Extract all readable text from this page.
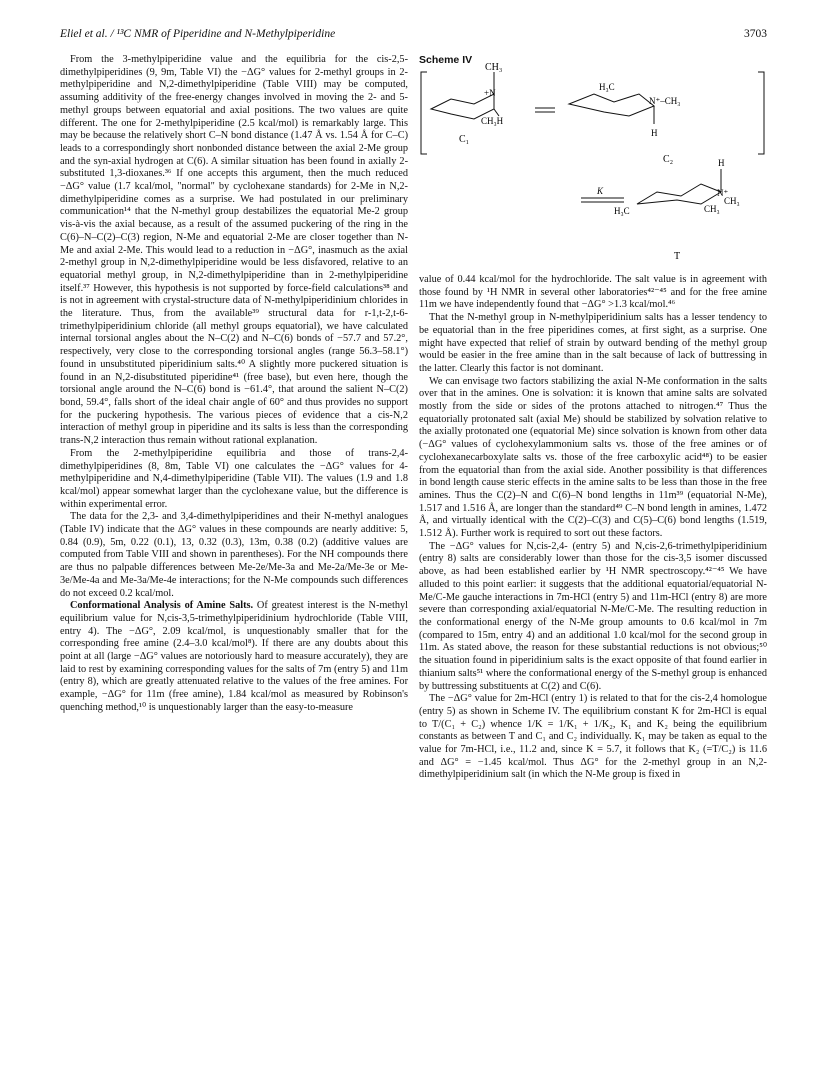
Eliel et al. / ¹³C NMR of Piperidine and N-Methylpiperidine	3703

From the 3-methylpiperidine value and the equilibria for the cis-2,5-dimethylpiperidines (9, 9m, Table VI) the −ΔG° values for 2-methyl groups in 2-methylpiperidine and N,2-dimethylpiperidine (Table VIII) may be computed, assuming additivity of the free-energy changes involved in moving the 2- and 5-methyl groups between equatorial and axial positions. The two values are quite different. The one for 2-methylpiperidine (2.5 kcal/mol) is remarkably large. This may be because the relatively short C–N bond distance (1.47 Å vs. 1.54 Å for C–C) leads to a correspondingly short nonbonded distance between the axial 2-Me group and the syn-axial hydrogen at C(6). A similar situation has been found in axially 2-substituted 1,3-dioxanes.³⁶ If one accepts this argument, then the much reduced −ΔG° value (1.7 kcal/mol, "normal" by cyclohexane standards) for 2-Me in N,2-dimethylpiperidine comes as a surprise. We had postulated in our preliminary communication¹⁴ that the N-methyl group destabilizes the equatorial Me-2 group vis-à-vis the axial because, as a result of the assumed puckering of the ring in the C(6)–N–C(2)–C(3) region, N-Me and equatorial 2-Me are closer together than N-Me and axial 2-Me. This would lead to a reduction in −ΔG°, inasmuch as the axial 2-methyl group in N,2-dimethylpiperidine would be less disfavored, relative to an equatorial methyl group, in N,2-dimethylpiperidine than in 2-methylpiperidine itself.³⁷ However, this hypothesis is not supported by force-field calculations³⁸ and is not in agreement with crystal-structure data of N-methylpiperidinium chlorides in the literature. Thus, from the available³⁹ structural data for r-1,t-2,t-6-trimethylpiperidinium chloride (all methyl groups equatorial), we have calculated internal torsional angles about the N–C(2) and N–C(6) bonds of −57.7 and 57.2°, respectively, very close to the corresponding torsional angles (range 56.3–58.1°) found in unsubstituted piperidinium salts.⁴⁰ A slightly more puckered situation is found in an N,2-disubstituted piperidine⁴¹ (free base), but even here, though the torsional angle around the N–C(6) bond is −61.4°, that around the salient N–C(2) bond, 59.4°, falls short of the ideal chair angle of 60° and thus provides no support for the puckering hypothesis. The various pieces of evidence that a cis-N,2 interaction of methyl group in piperidine and its salts is less than the corresponding trans-N,2 interaction thus remain without rational explanation.

From the 2-methylpiperidine equilibria and those of trans-2,4-dimethylpiperidines (8, 8m, Table VI) one calculates the −ΔG° values for 4-methylpiperidine and N,4-dimethylpiperidine (Table VII). The values (1.9 and 1.8 kcal/mol) appear somewhat larger than the cyclohexane value, but the difference is within experimental error.

The data for the 2,3- and 3,4-dimethylpiperidines and their N-methyl analogues (Table IV) indicate that the ΔG° values in these compounds are nearly additive: 5, 0.84 (0.9), 5m, 0.22 (0.1), 13, 0.32 (0.3), 13m, 0.38 (0.2) (additive values are computed from Table VIII and shown in parentheses). For the NH compounds there are thus no palpable differences between Me-2e/Me-3a and Me-2a/Me-3e or Me-3e/Me-4a and Me-3a/Me-4e interactions; for the N-Me compounds such differences do not exceed 0.2 kcal/mol.

Conformational Analysis of Amine Salts. Of greatest interest is the N-methyl equilibrium value for N,cis-3,5-trimethylpiperidinium hydrochloride (Table VIII, entry 4). The −ΔG°, 2.09 kcal/mol, is unquestionably smaller that for the corresponding free amine (2.4–3.0 kcal/mol⁸). If there are any doubts about this point at all (large −ΔG° values are notoriously hard to measure accurately), they are laid to rest by examining corresponding values for the salts of 7m (entry 5) and 11m (entry 8), which are greatly attenuated relative to the values of the free amines. For example, −ΔG° for 11m (free amine), 1.84 kcal/mol as measured by Robinson's quenching method,¹⁰ is unquestionably larger than the easy-to-measure

Scheme IV
CH₃
+N
CH₃H
C₁
H₃C
N⁺–CH₃
H
C₂	H
N⁺
H₃C
CH₃
CH₃
K
T

value of 0.44 kcal/mol for the hydrochloride. The salt value is in agreement with those found by ¹H NMR in several other laboratories⁴²⁻⁴⁵ and for the free amine 11m we have independently found that −ΔG° >1.3 kcal/mol.⁴⁶

That the N-methyl group in N-methylpiperidinium salts has a lesser tendency to be equatorial than in the free piperidines comes, at first sight, as a surprise. One might have expected that relief of strain by outward bending of the methyl group would be easier in the free amine than in the salt because of lack of buttressing in the latter. Clearly this factor is not dominant.

We can envisage two factors stabilizing the axial N-Me conformation in the salts over that in the amines. One is solvation: it is known that amine salts are solvated mostly from the side or sides of the protons attached to nitrogen.⁴⁷ Thus the equatorially protonated salt (axial Me) should be stabilized by solvation relative to the axially protonated one (equatorial Me) since solvation is known from other data (−ΔG° values of cyclohexylammonium salts vs. those of the free amines or of cyclohexanecarboxylate salts vs. those of the free carboxylic acid⁴⁸) to be easier from the equatorial than from the axial side. Another possibility is that differences in bond length cause steric effects in the amine salts to be less than those in the free amines. Thus the C(2)–N and C(6)–N bond lengths in 11m³⁹ (equatorial N-Me), 1.517 and 1.516 Å, are longer than the standard⁴⁹ C–N bond length in amines, 1.472 Å, and virtually identical with the C(2)–C(3) and C(5)–C(6) bond lengths (1.519, 1.512 Å). Further work is required to sort out these factors.

The −ΔG° values for N,cis-2,4- (entry 5) and N,cis-2,6-trimethylpiperidinium (entry 8) salts are considerably lower than those for the cis-3,5 isomer discussed above, as had been established earlier by ¹H NMR spectroscopy.⁴²⁻⁴⁵ We have alluded to this point earlier: it suggests that the additional equatorial/equatorial N-Me/C-Me gauche interactions in 7m-HCl (entry 5) and 11m-HCl (entry 8) are more severe than corresponding axial/equatorial N-Me/C-Me. The resulting reduction in the conformational energy of the N-Me group amounts to 0.6 kcal/mol in 7m (compared to 15m, entry 4) and an additional 1.0 kcal/mol for the second group in 11m. As stated above, the reason for these substantial reductions is not obvious;⁵⁰ the situation found in piperidinium salts is the exact opposite of that found earlier in thianium salts⁵¹ where the conformational energy of the S-methyl group is enhanced by buttressing substituents at C(2) and C(6).

The −ΔG° value for 2m-HCl (entry 1) is related to that for the cis-2,4 homologue (entry 5) as shown in Scheme IV. The equilibrium constant K for 2m-HCl is equal to T/(C₁ + C₂) whence 1/K = 1/K₁ + 1/K₂, K₁ and K₂ being the equilibrium constants as between T and C₁ and C₂ individually. K₁ may be taken as equal to the value for 7m-HCl, i.e., 11.2 and, since K = 5.7, it follows that K₂ (=T/C₂) is 11.6 and ΔG° = −1.45 kcal/mol. Thus ΔG° for the 2-methyl group in an N,2-dimethylpiperidinium salt (in which the N-Me group is fixed in
